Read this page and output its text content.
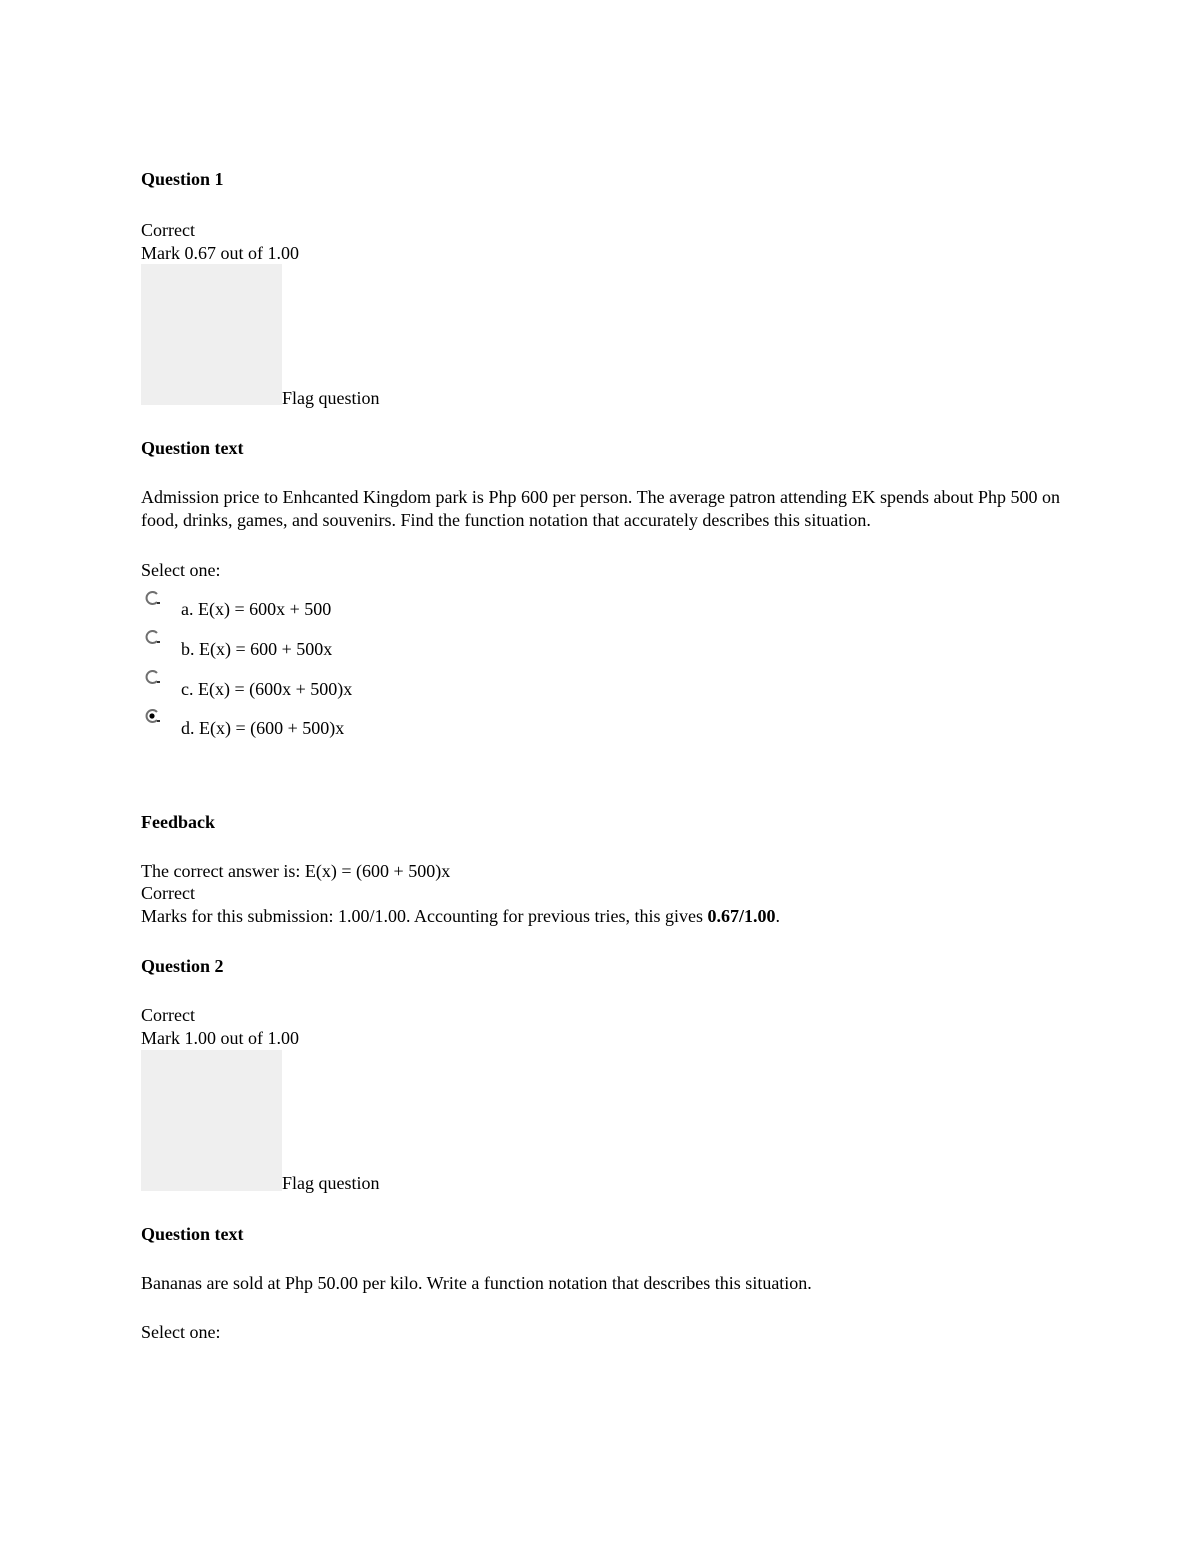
Question 1
Correct
Mark 0.67 out of 1.00
Flag question
Question text
Admission price to Enhcanted Kingdom park is Php 600 per person. The average patron attending EK spends about Php 500 on food, drinks, games, and souvenirs. Find the function notation that accurately describes this situation.
Select one:
a. E(x) = 600x + 500
b. E(x) = 600 + 500x
c. E(x) = (600x + 500)x
d. E(x) = (600 + 500)x
Feedback
The correct answer is: E(x) = (600 + 500)x
Correct
Marks for this submission: 1.00/1.00. Accounting for previous tries, this gives 0.67/1.00.
Question 2
Correct
Mark 1.00 out of 1.00
Flag question
Question text
Bananas are sold at Php 50.00 per kilo. Write a function notation that describes this situation.
Select one:
